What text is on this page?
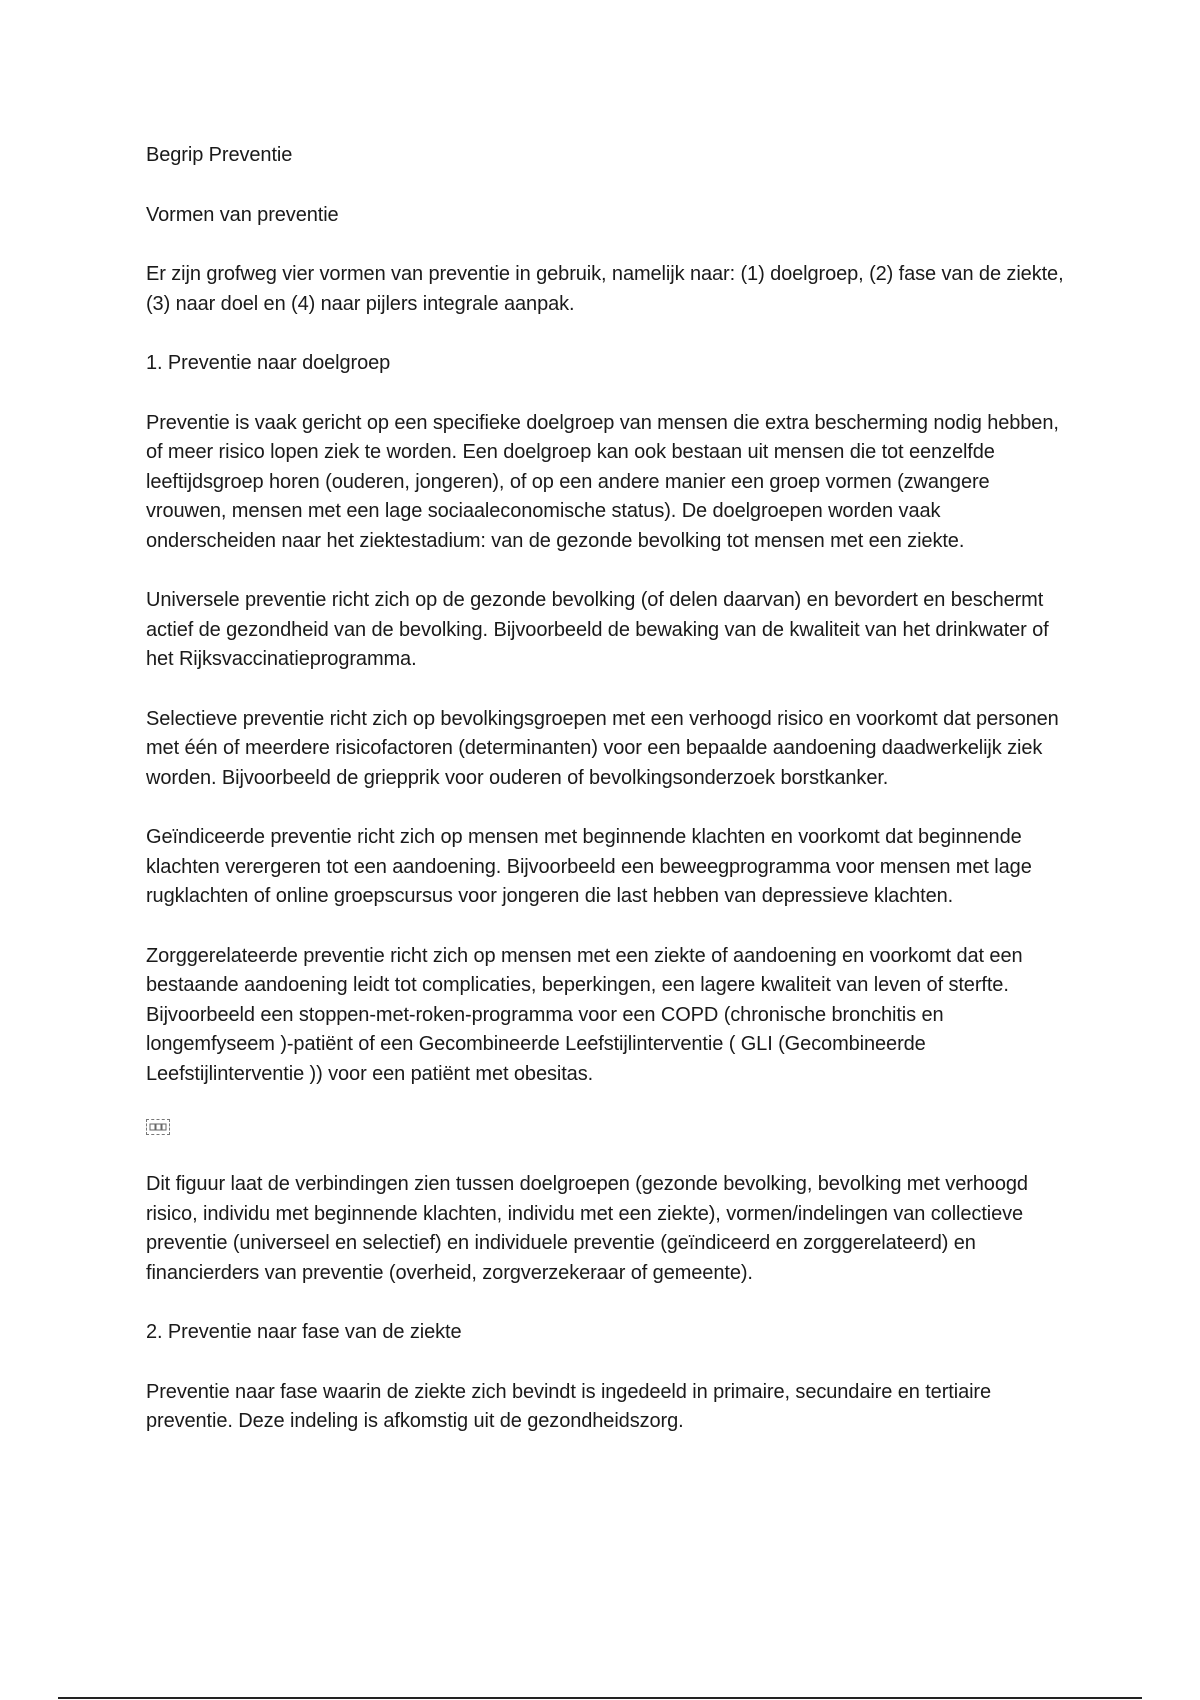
Begrip Preventie

Vormen van preventie

Er zijn grofweg vier vormen van preventie in gebruik, namelijk naar: (1) doelgroep, (2) fase van de ziekte, (3) naar doel en (4) naar pijlers integrale aanpak.

1. Preventie naar doelgroep

Preventie is vaak gericht op een specifieke doelgroep van mensen die extra bescherming nodig hebben, of meer risico lopen ziek te worden. Een doelgroep kan ook bestaan uit mensen die tot eenzelfde leeftijdsgroep horen (ouderen, jongeren), of op een andere manier een groep vormen (zwangere vrouwen, mensen met een lage sociaaleconomische status). De doelgroepen worden vaak onderscheiden naar het ziektestadium: van de gezonde bevolking tot mensen met een ziekte.

Universele preventie richt zich op de gezonde bevolking (of delen daarvan) en bevordert en beschermt actief de gezondheid van de bevolking. Bijvoorbeeld de bewaking van de kwaliteit van het drinkwater of het Rijksvaccinatieprogramma.

Selectieve preventie richt zich op bevolkingsgroepen met een verhoogd risico en voorkomt dat personen met één of meerdere risicofactoren (determinanten) voor een bepaalde aandoening daadwerkelijk ziek worden. Bijvoorbeeld de griepprik voor ouderen of bevolkingsonderzoek borstkanker.

Geïndiceerde preventie richt zich op mensen met beginnende klachten en voorkomt dat beginnende klachten verergeren tot een aandoening. Bijvoorbeeld een beweegprogramma voor mensen met lage rugklachten of online groepscursus voor jongeren die last hebben van depressieve klachten.

Zorggerelateerde preventie richt zich op mensen met een ziekte of aandoening en voorkomt dat een bestaande aandoening leidt tot complicaties, beperkingen, een lagere kwaliteit van leven of sterfte. Bijvoorbeeld een stoppen-met-roken-programma voor een COPD (chronische bronchitis en longemfyseem )-patiënt of een Gecombineerde Leefstijlinterventie ( GLI (Gecombineerde Leefstijlinterventie )) voor een patiënt met obesitas.

Dit figuur laat de verbindingen zien tussen doelgroepen (gezonde bevolking, bevolking met verhoogd risico, individu met beginnende klachten, individu met een ziekte), vormen/indelingen van collectieve preventie (universeel en selectief) en individuele preventie (geïndiceerd en zorggerelateerd) en financierders van preventie (overheid, zorgverzekeraar of gemeente).

2. Preventie naar fase van de ziekte

Preventie naar fase waarin de ziekte zich bevindt is ingedeeld in primaire, secundaire en tertiaire preventie. Deze indeling is afkomstig uit de gezondheidszorg.
